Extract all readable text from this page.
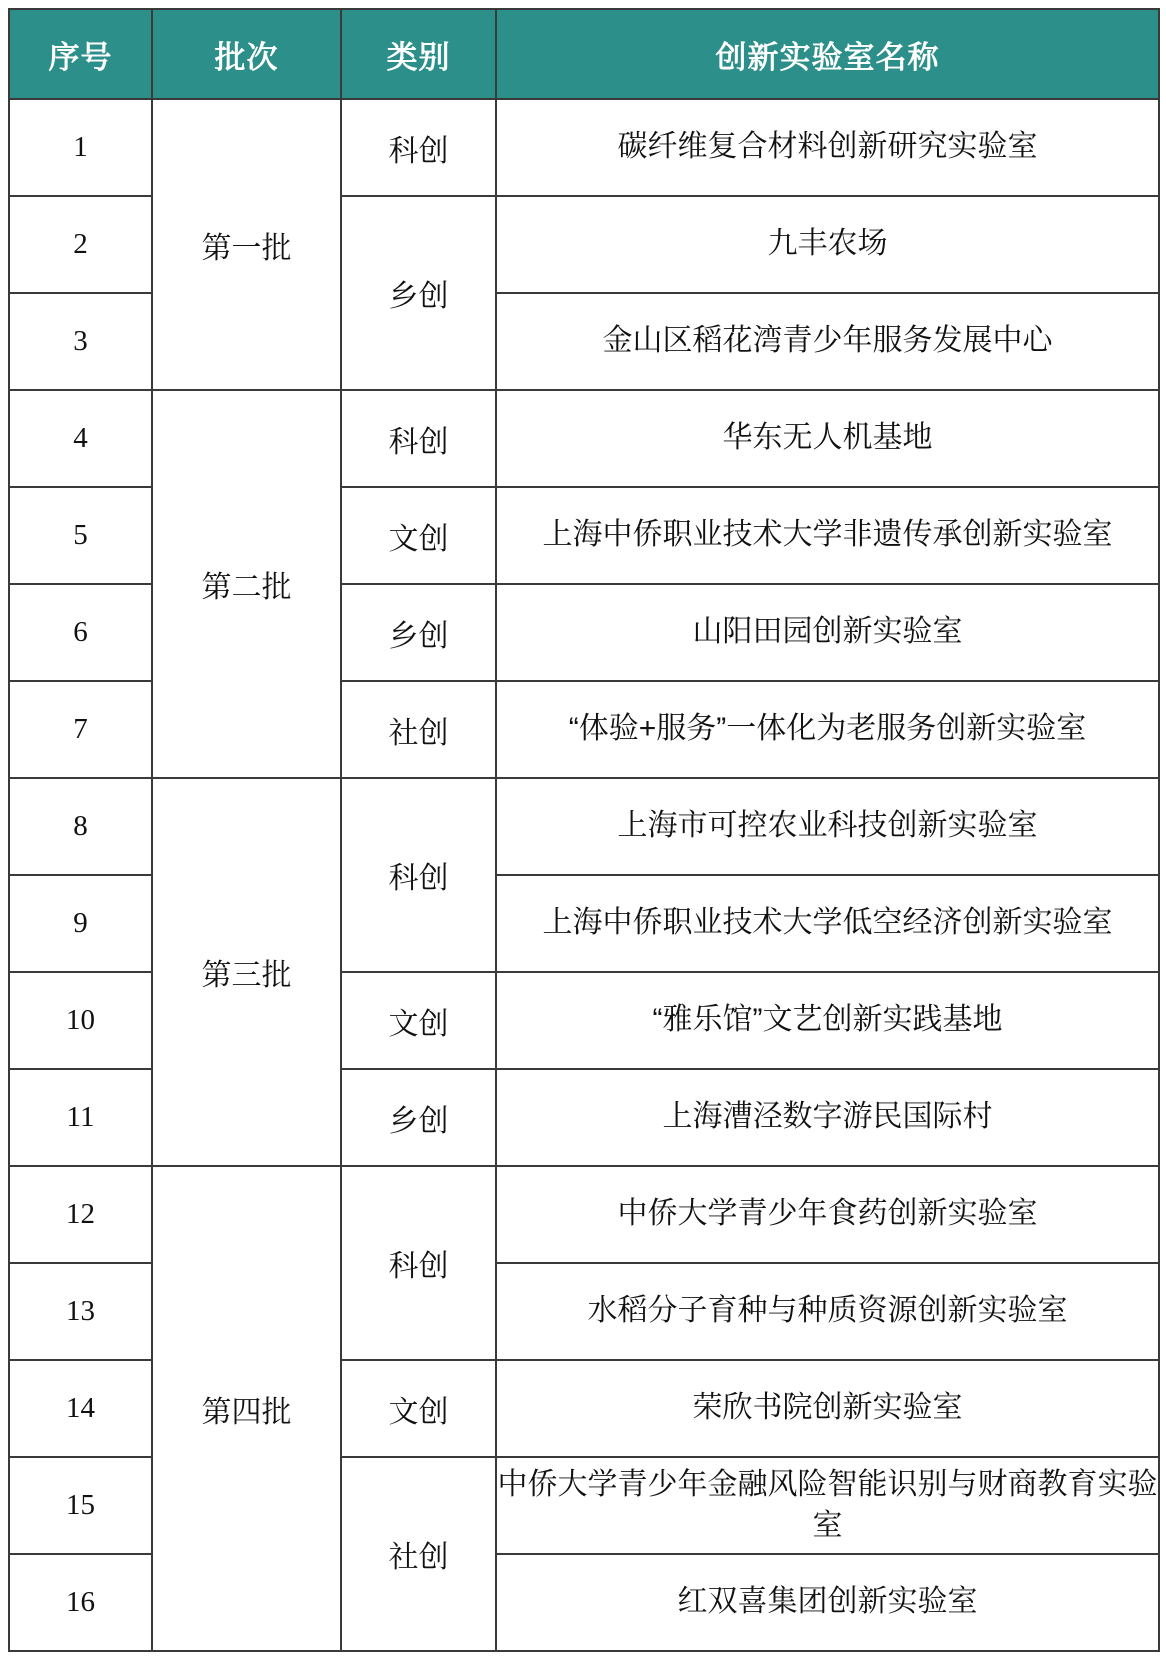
序号	批次	类别	创新实验室名称
1	第一批	科创	碳纤维复合材料创新研究实验室
2		乡创	九丰农场
3			金山区稻花湾青少年服务发展中心
4	第二批	科创	华东无人机基地
5		文创	上海中侨职业技术大学非遗传承创新实验室
6		乡创	山阳田园创新实验室
7		社创	“体验+服务”一体化为老服务创新实验室
8	第三批	科创	上海市可控农业科技创新实验室
9			上海中侨职业技术大学低空经济创新实验室
10		文创	“雅乐馆”文艺创新实践基地
11		乡创	上海漕泾数字游民国际村
12	第四批	科创	中侨大学青少年食药创新实验室
13			水稻分子育种与种质资源创新实验室
14		文创	荣欣书院创新实验室
15		社创	中侨大学青少年金融风险智能识别与财商教育实验室
16			红双喜集团创新实验室
